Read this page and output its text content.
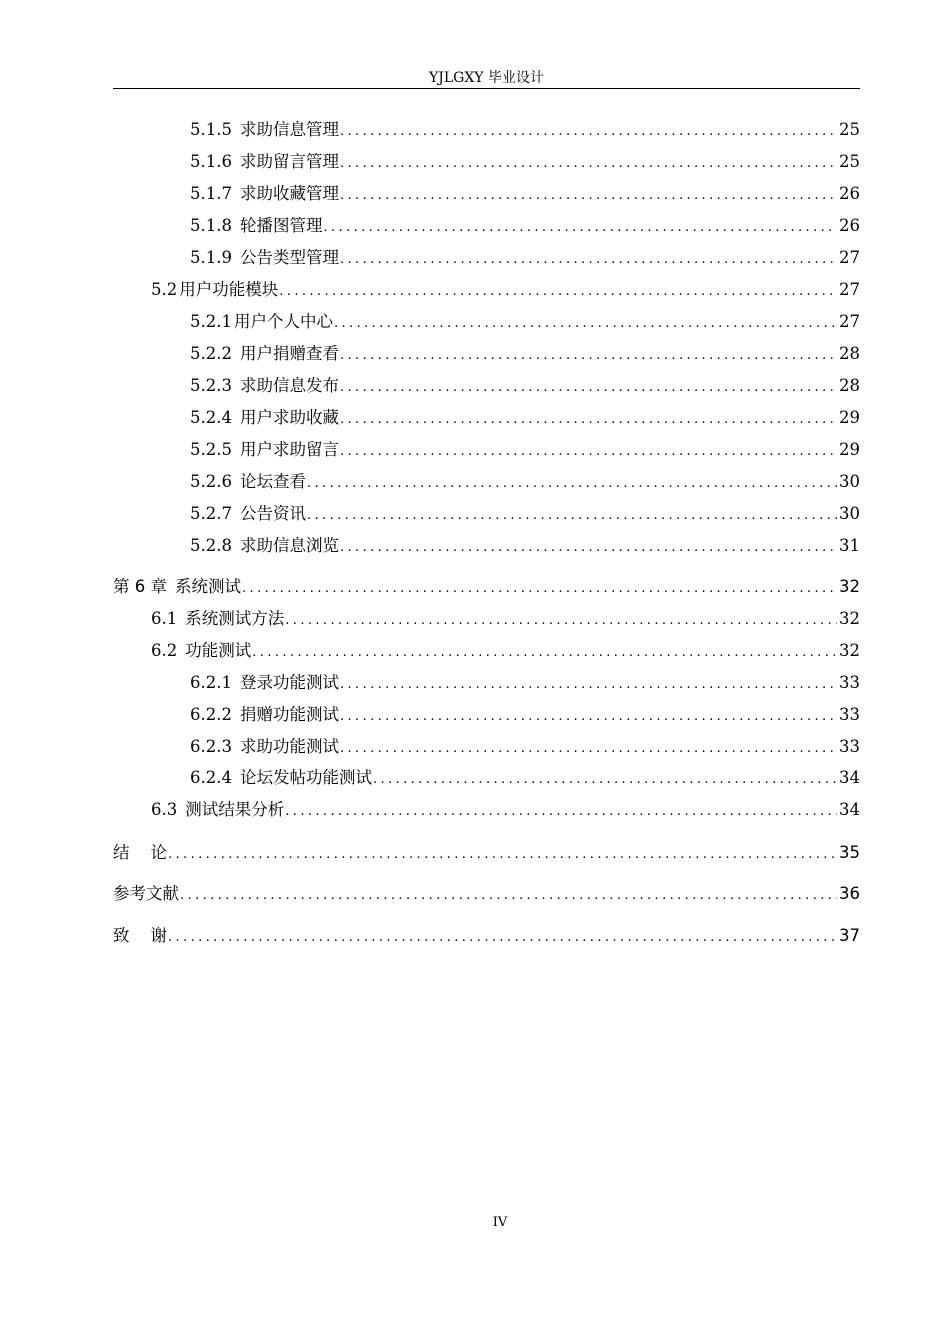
YJLGXY 毕业设计
5.1.5 求助信息管理 .....	25
5.1.6 求助留言管理 .....	25
5.1.7 求助收藏管理 .....	26
5.1.8 轮播图管理 .....	26
5.1.9 公告类型管理 .....	27
5.2 用户功能模块 .....	27
5.2.1 用户个人中心 .....	27
5.2.2 用户捐赠查看 .....	28
5.2.3 求助信息发布 .....	28
5.2.4 用户求助收藏 .....	29
5.2.5 用户求助留言 .....	29
5.2.6 论坛查看 .....	30
5.2.7 公告资讯 .....	30
5.2.8 求助信息浏览 .....	31
第 6 章 系统测试 .....	32
6.1 系统测试方法 .....	32
6.2 功能测试 .....	32
6.2.1 登录功能测试 .....	33
6.2.2 捐赠功能测试 .....	33
6.2.3 求助功能测试 .....	33
6.2.4 论坛发帖功能测试 .....	34
6.3 测试结果分析 .....	34
结    论 .....	35
参考文献 .....	36
致    谢 .....	37
IV
